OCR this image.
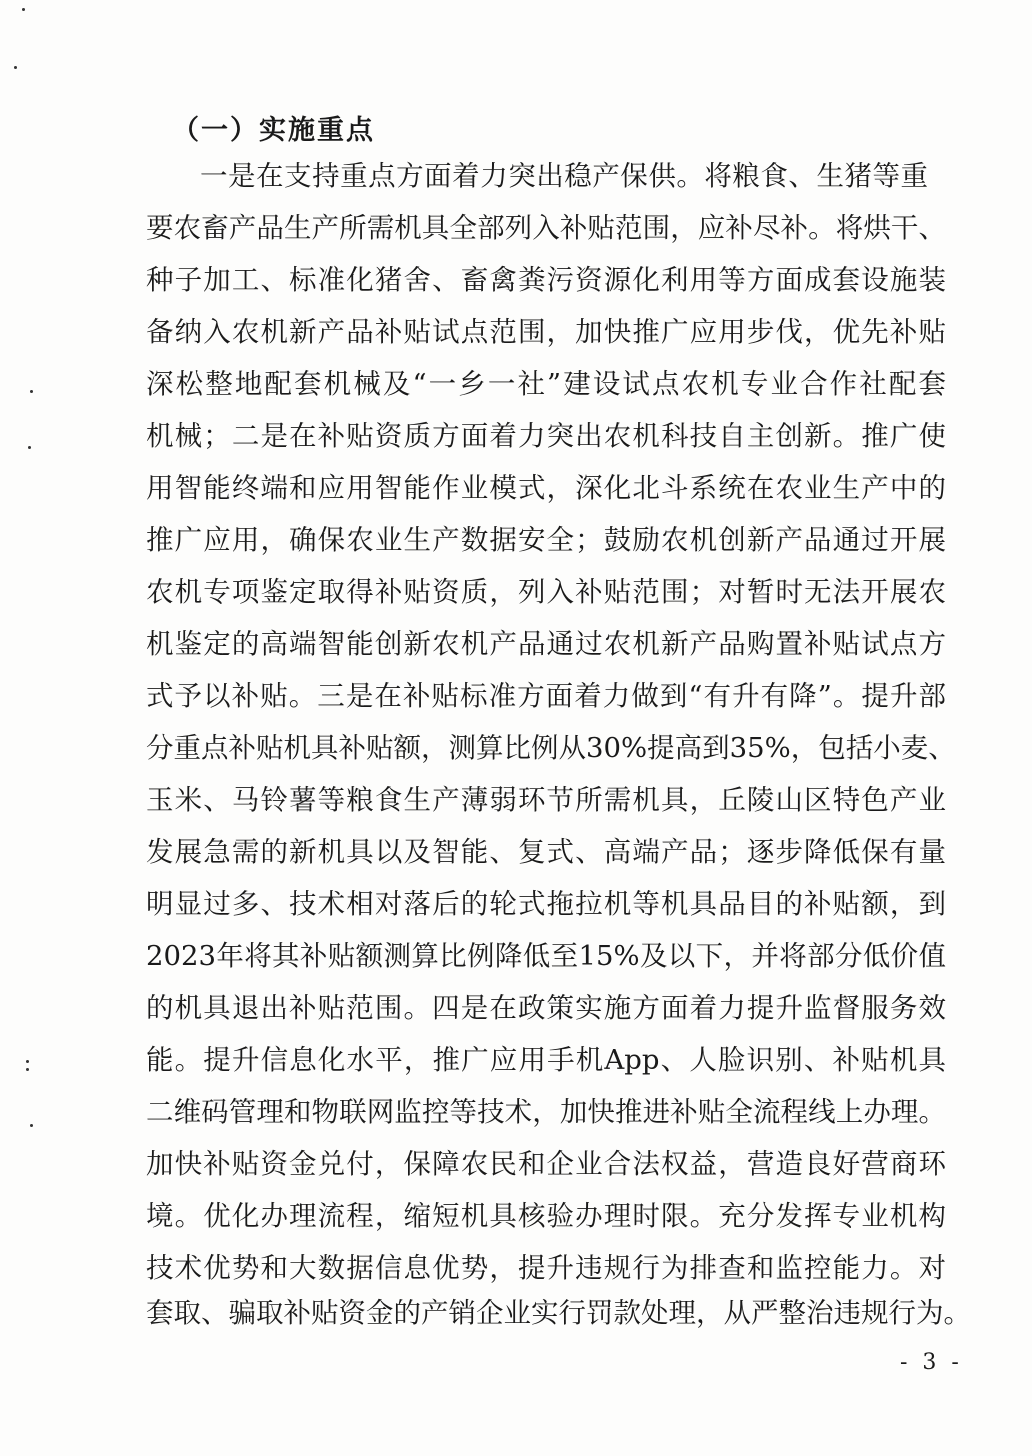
（一）实施重点
一是在支持重点方面着力突出稳产保供。将粮食、生猪等重
要农畜产品生产所需机具全部列入补贴范围，应补尽补。将烘干、
种子加工、标准化猪舍、畜禽粪污资源化利用等方面成套设施装
备纳入农机新产品补贴试点范围，加快推广应用步伐，优先补贴
深松整地配套机械及“一乡一社”建设试点农机专业合作社配套
机械；二是在补贴资质方面着力突出农机科技自主创新。推广使
用智能终端和应用智能作业模式，深化北斗系统在农业生产中的
推广应用，确保农业生产数据安全；鼓励农机创新产品通过开展
农机专项鉴定取得补贴资质，列入补贴范围；对暂时无法开展农
机鉴定的高端智能创新农机产品通过农机新产品购置补贴试点方
式予以补贴。三是在补贴标准方面着力做到“有升有降”。提升部
分重点补贴机具补贴额，测算比例从30%提高到35%，包括小麦、
玉米、马铃薯等粮食生产薄弱环节所需机具，丘陵山区特色产业
发展急需的新机具以及智能、复式、高端产品；逐步降低保有量
明显过多、技术相对落后的轮式拖拉机等机具品目的补贴额，到
2023年将其补贴额测算比例降低至15%及以下，并将部分低价值
的机具退出补贴范围。四是在政策实施方面着力提升监督服务效
能。提升信息化水平，推广应用手机App、人脸识别、补贴机具
二维码管理和物联网监控等技术，加快推进补贴全流程线上办理。
加快补贴资金兑付，保障农民和企业合法权益，营造良好营商环
境。优化办理流程，缩短机具核验办理时限。充分发挥专业机构
技术优势和大数据信息优势，提升违规行为排查和监控能力。对
套取、骗取补贴资金的产销企业实行罚款处理，从严整治违规行为。
- 3 -
